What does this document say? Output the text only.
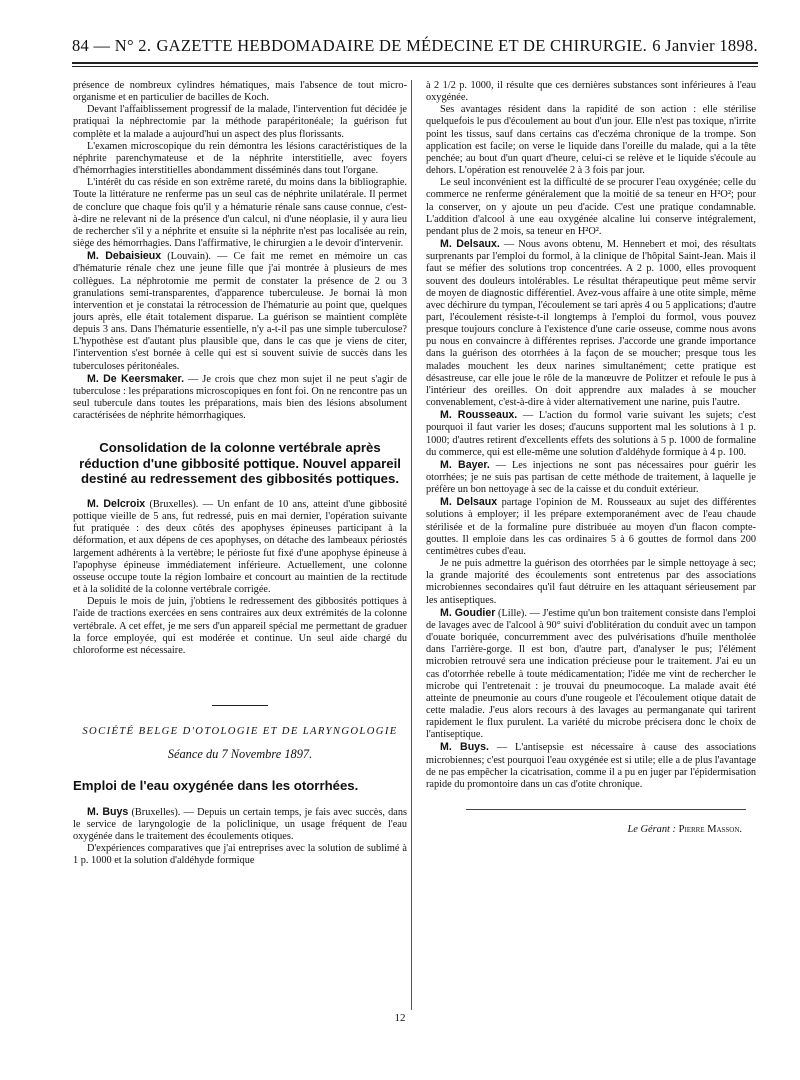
84 — N° 2. GAZETTE HEBDOMADAIRE DE MÉDECINE ET DE CHIRURGIE. 6 Janvier 1898.

présence de nombreux cylindres hématiques, mais l'absence de tout micro-organisme et en particulier de bacilles de Koch.

Devant l'affaiblissement progressif de la malade, l'intervention fut décidée je pratiquai la néphrectomie par la méthode parapéritonéale; la guérison fut complète et la malade a aujourd'hui un aspect des plus florissants.

L'examen microscopique du rein démontra les lésions caractéristiques de la néphrite parenchymateuse et de la néphrite interstitielle, avec foyers d'hémorrhagies interstitielles abondamment disséminés dans tout l'organe.

L'intérêt du cas réside en son extrême rareté, du moins dans la bibliographie. Toute la littérature ne renferme pas un seul cas de néphrite unilatérale. Il permet de conclure que chaque fois qu'il y a hématurie rénale sans cause connue, c'est-à-dire ne relevant ni de la présence d'un calcul, ni d'une néoplasie, il y aura lieu de rechercher s'il y a néphrite et ensuite si la néphrite n'est pas localisée au rein, siège des hémorrhagies. Dans l'affirmative, le chirurgien a le devoir d'intervenir.

M. Debaisieux (Louvain). — Ce fait me remet en mémoire un cas d'hématurie rénale chez une jeune fille que j'ai montrée à plusieurs de mes collègues. La néphrotomie me permit de constater la présence de 2 ou 3 granulations semi-transparentes, d'apparence tuberculeuse. Je bornai là mon intervention et je constatai la rétrocession de l'hématurie au point que, quelques jours après, elle était totalement disparue. La guérison se maintient complète depuis 3 ans. Dans l'hématurie essentielle, n'y a-t-il pas une simple tuberculose? L'hypothèse est d'autant plus plausible que, dans le cas que je viens de citer, l'intervention s'est bornée à celle qui est si souvent suivie de succès dans les tuberculoses péritonéales.

M. De Keersmaker. — Je crois que chez mon sujet il ne peut s'agir de tuberculose : les préparations microscopiques en font foi. On ne rencontre pas un seul tubercule dans toutes les préparations, mais bien des lésions absolument caractérisées de néphrite hémorrhagiques.

Consolidation de la colonne vertébrale après réduction d'une gibbosité pottique. Nouvel appareil destiné au redressement des gibbosités pottiques.

M. Delcroix (Bruxelles). — Un enfant de 10 ans, atteint d'une gibbosité pottique vieille de 5 ans, fut redressé, puis en mai dernier, l'opération suivante fut pratiquée : des deux côtés des apophyses épineuses participant à la déformation, et aux dépens de ces apophyses, on détache des lambeaux périostés largement adhérents à la vertèbre; le périoste fut fixé d'une apophyse épineuse à l'apophyse épineuse immédiatement inférieure. Actuellement, une colonne osseuse occupe toute la région lombaire et concourt au maintien de la rectitude et à la solidité de la colonne vertébrale corrigée.

Depuis le mois de juin, j'obtiens le redressement des gibbosités pottiques à l'aide de tractions exercées en sens contraires aux deux extrémités de la colonne vertébrale. A cet effet, je me sers d'un appareil spécial me permettant de graduer la force employée, qui est modérée et continue. Un seul aide chargé du chloroforme est nécessaire.

SOCIÉTÉ BELGE D'OTOLOGIE ET DE LARYNGOLOGIE
Séance du 7 Novembre 1897.
Emploi de l'eau oxygénée dans les otorrhées.

M. Buys (Bruxelles). — Depuis un certain temps, je fais avec succès, dans le service de laryngologie de la policlinique, un usage fréquent de l'eau oxygénée dans le traitement des écoulements otiques.

D'expériences comparatives que j'ai entreprises avec la solution de sublimé à 1 p. 1000 et la solution d'aldéhyde formique

à 2 1/2 p. 1000, il résulte que ces dernières substances sont inférieures à l'eau oxygénée.

Ses avantages résident dans la rapidité de son action : elle stérilise quelquefois le pus d'écoulement au bout d'un jour. Elle n'est pas toxique, n'irrite point les tissus, sauf dans certains cas d'eczéma chronique de la trompe. Son application est facile; on verse le liquide dans l'oreille du malade, qui a la tête penchée; au bout d'un quart d'heure, celui-ci se relève et le liquide s'écoule au dehors. L'opération est renouvelée 2 à 3 fois par jour.

Le seul inconvénient est la difficulté de se procurer l'eau oxygénée; celle du commerce ne renferme généralement que la moitié de sa teneur en H²O²; pour la conserver, on y ajoute un peu d'acide. C'est une pratique condamnable. L'addition d'alcool à une eau oxygénée alcaline lui conserve intégralement, pendant plus de 2 mois, sa teneur en H²O².

M. Delsaux. — Nous avons obtenu, M. Hennebert et moi, des résultats surprenants par l'emploi du formol, à la clinique de l'hôpital Saint-Jean. Mais il faut se méfier des solutions trop concentrées. A 2 p. 1000, elles provoquent souvent des douleurs intolérables. Le résultat thérapeutique peut même servir de moyen de diagnostic différentiel. Avez-vous affaire à une otite simple, même avec déchirure du tympan, l'écoulement se tari après 4 ou 5 applications; d'autre part, l'écoulement résiste-t-il longtemps à l'emploi du formol, vous pouvez presque toujours conclure à l'existence d'une carie osseuse, comme nous avons pu nous en convaincre à différentes reprises. J'accorde une grande importance dans la guérison des otorrhées à la façon de se moucher; presque tous les malades mouchent les deux narines simultanément; cette pratique est désastreuse, car elle joue le rôle de la manœuvre de Politzer et refoule le pus à l'intérieur des oreilles. On doit apprendre aux malades à se moucher convenablement, c'est-à-dire à vider alternativement une narine, puis l'autre.

M. Rousseaux. — L'action du formol varie suivant les sujets; c'est pourquoi il faut varier les doses; d'aucuns supportent mal les solutions à 1 p. 1000; d'autres retirent d'excellents effets des solutions à 5 p. 1000 de formaline du commerce, qui est elle-même une solution d'aldéhyde formique à 4 p. 100.

M. Bayer. — Les injections ne sont pas nécessaires pour guérir les otorrhées; je ne suis pas partisan de cette méthode de traitement, à laquelle je préfère un bon nettoyage à sec de la caisse et du conduit extérieur.

M. Delsaux partage l'opinion de M. Rousseaux au sujet des différentes solutions à employer; il les prépare extemporanément avec de l'eau chaude stérilisée et de la formaline pure distribuée au moyen d'un flacon compte-gouttes. Il emploie dans les cas ordinaires 5 à 6 gouttes de formol dans 200 centimètres cubes d'eau.

Je ne puis admettre la guérison des otorrhées par le simple nettoyage à sec; la grande majorité des écoulements sont entretenus par des associations microbiennes secondaires qu'il faut détruire en les attaquant sérieusement par les antiseptiques.

M. Goudier (Lille). — J'estime qu'un bon traitement consiste dans l'emploi de lavages avec de l'alcool à 90° suivi d'oblitération du conduit avec un tampon d'ouate boriquée, concurremment avec des pulvérisations d'huile mentholée dans l'arrière-gorge. Il est bon, d'autre part, d'analyser le pus; l'élément microbien retrouvé sera une indication précieuse pour le traitement. J'ai eu un cas d'otorrhée rebelle à toute médicamentation; l'idée me vint de rechercher le microbe qui l'entretenait : je trouvai du pneumocoque. La malade avait été atteinte de pneumonie au cours d'une rougeole et l'écoulement otique datait de cette maladie. J'eus alors recours à des lavages au permanganate qui tarirent rapidement le flux purulent. La variété du microbe précisera donc le choix de l'antiseptique.

M. Buys. — L'antisepsie est nécessaire à cause des associations microbiennes; c'est pourquoi l'eau oxygénée est si utile; elle a de plus l'avantage de ne pas empêcher la cicatrisation, comme il a pu en juger par l'épidermisation rapide du promontoire dans un cas d'otite chronique.

Le Gérant : Pierre Masson.
12
